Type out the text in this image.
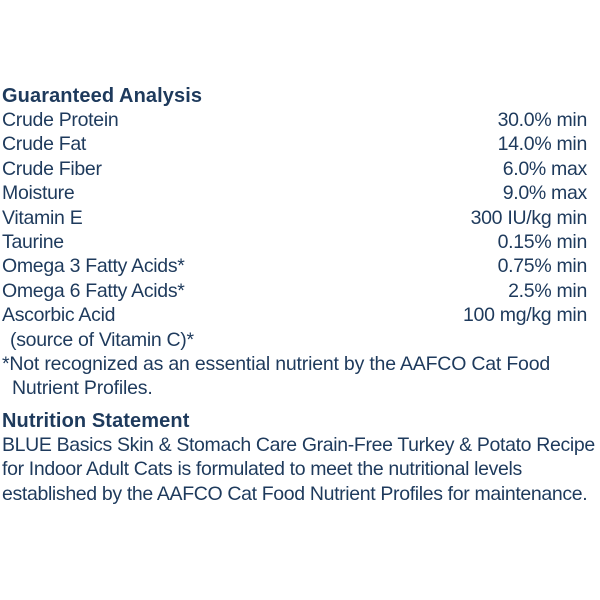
Guaranteed Analysis
Crude Protein	30.0% min
Crude Fat	14.0% min
Crude Fiber	6.0% max
Moisture	9.0% max
Vitamin E	300 IU/kg min
Taurine	0.15% min
Omega 3 Fatty Acids*	0.75% min
Omega 6 Fatty Acids*	2.5% min
Ascorbic Acid	100 mg/kg min
(source of Vitamin C)*
*Not recognized as an essential nutrient by the AAFCO Cat Food
Nutrient Profiles.
Nutrition Statement
BLUE Basics Skin & Stomach Care Grain-Free Turkey & Potato Recipe
for Indoor Adult Cats is formulated to meet the nutritional levels
established by the AAFCO Cat Food Nutrient Profiles for maintenance.
